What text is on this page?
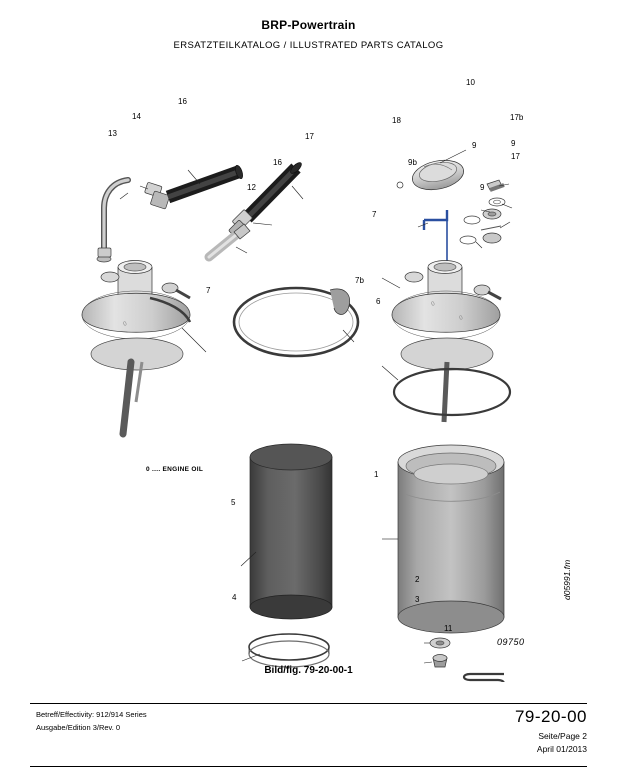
BRP-Powertrain
ERSATZTEILKATALOG / ILLUSTRATED PARTS CATALOG
0
0
0
1
2
3
4
5
6
7
7
7b
9
9
9
9b
10
11
12
13
14
16
16
17
17
17b
18
0 .... ENGINE OIL
09750
d05991.fm
Bild/fig. 79-20-00-1
Betreff/Effectivity: 912/914 Series
Ausgabe/Edition 3/Rev. 0
79-20-00
Seite/Page 2
April 01/2013
